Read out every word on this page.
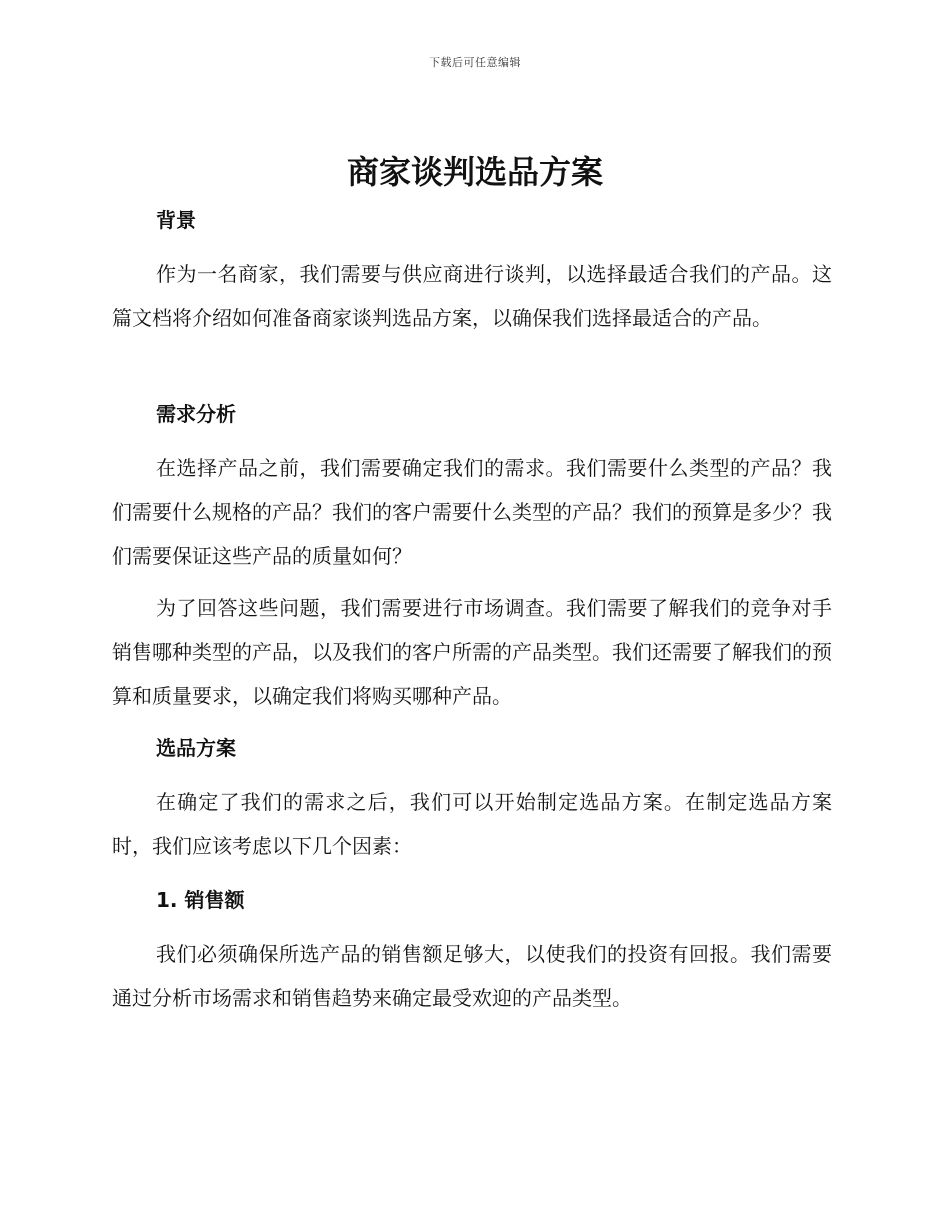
下载后可任意编辑
商家谈判选品方案
背景

作为一名商家，我们需要与供应商进行谈判，以选择最适合我们的产品。这篇文档将介绍如何准备商家谈判选品方案，以确保我们选择最适合的产品。

需求分析

在选择产品之前，我们需要确定我们的需求。我们需要什么类型的产品？我们需要什么规格的产品？我们的客户需要什么类型的产品？我们的预算是多少？我们需要保证这些产品的质量如何？

为了回答这些问题，我们需要进行市场调查。我们需要了解我们的竞争对手销售哪种类型的产品，以及我们的客户所需的产品类型。我们还需要了解我们的预算和质量要求，以确定我们将购买哪种产品。

选品方案

在确定了我们的需求之后，我们可以开始制定选品方案。在制定选品方案时，我们应该考虑以下几个因素：

1. 销售额

我们必须确保所选产品的销售额足够大，以使我们的投资有回报。我们需要通过分析市场需求和销售趋势来确定最受欢迎的产品类型。
